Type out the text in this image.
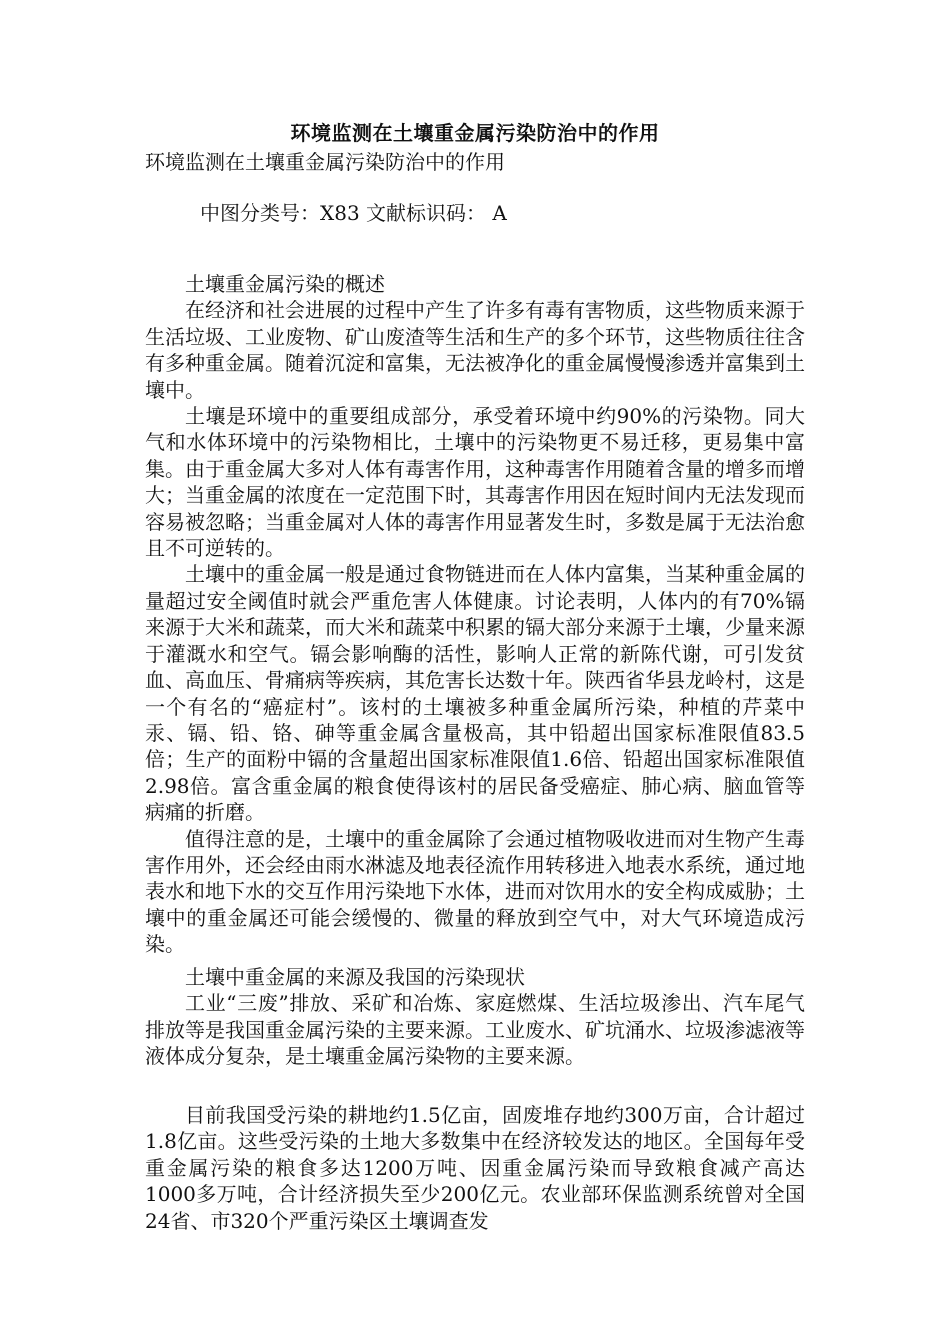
环境监测在土壤重金属污染防治中的作用

环境监测在土壤重金属污染防治中的作用

中图分类号：X83 文献标识码： A

土壤重金属污染的概述

在经济和社会进展的过程中产生了许多有毒有害物质，这些物质来源于生活垃圾、工业废物、矿山废渣等生活和生产的多个环节，这些物质往往含有多种重金属。随着沉淀和富集，无法被净化的重金属慢慢渗透并富集到土壤中。

土壤是环境中的重要组成部分，承受着环境中约90%的污染物。同大气和水体环境中的污染物相比，土壤中的污染物更不易迁移，更易集中富集。由于重金属大多对人体有毒害作用，这种毒害作用随着含量的增多而增大；当重金属的浓度在一定范围下时，其毒害作用因在短时间内无法发现而容易被忽略；当重金属对人体的毒害作用显著发生时，多数是属于无法治愈且不可逆转的。

土壤中的重金属一般是通过食物链进而在人体内富集，当某种重金属的量超过安全阈值时就会严重危害人体健康。讨论表明，人体内的有70%镉来源于大米和蔬菜，而大米和蔬菜中积累的镉大部分来源于土壤，少量来源于灌溉水和空气。镉会影响酶的活性，影响人正常的新陈代谢，可引发贫血、高血压、骨痛病等疾病，其危害长达数十年。陕西省华县龙岭村，这是一个有名的“癌症村”。该村的土壤被多种重金属所污染，种植的芹菜中汞、镉、铅、铬、砷等重金属含量极高，其中铅超出国家标准限值83.5倍；生产的面粉中镉的含量超出国家标准限值1.6倍、铅超出国家标准限值2.98倍。富含重金属的粮食使得该村的居民备受癌症、肺心病、脑血管等病痛的折磨。

值得注意的是，土壤中的重金属除了会通过植物吸收进而对生物产生毒害作用外，还会经由雨水淋滤及地表径流作用转移进入地表水系统，通过地表水和地下水的交互作用污染地下水体，进而对饮用水的安全构成威胁；土壤中的重金属还可能会缓慢的、微量的释放到空气中，对大气环境造成污染。

土壤中重金属的来源及我国的污染现状

工业“三废”排放、采矿和冶炼、家庭燃煤、生活垃圾渗出、汽车尾气排放等是我国重金属污染的主要来源。工业废水、矿坑涌水、垃圾渗滤液等液体成分复杂，是土壤重金属污染物的主要来源。

目前我国受污染的耕地约1.5亿亩，固废堆存地约300万亩，合计超过1.8亿亩。这些受污染的土地大多数集中在经济较发达的地区。全国每年受重金属污染的粮食多达1200万吨、因重金属污染而导致粮食减产高达1000多万吨，合计经济损失至少200亿元。农业部环保监测系统曾对全国24省、市320个严重污染区土壤调查发
